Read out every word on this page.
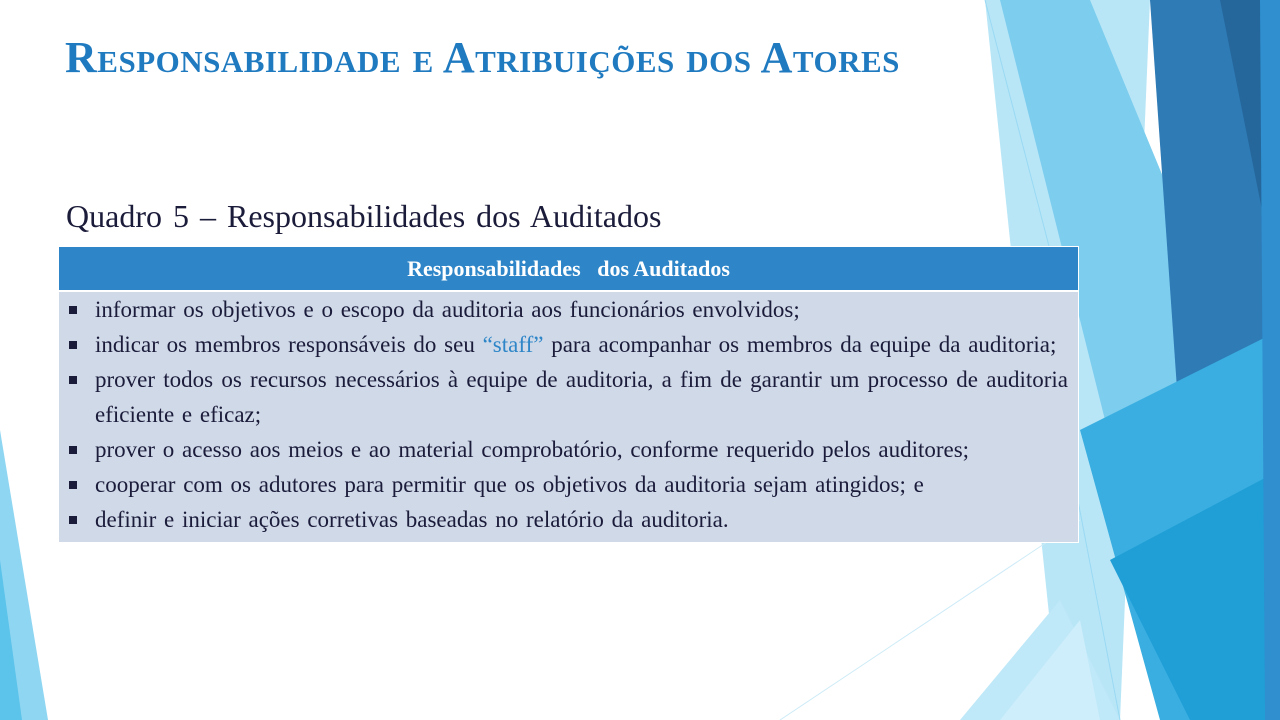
Responsabilidade e Atribuições dos Atores
Quadro 5 – Responsabilidades dos Auditados
Responsabilidades   dos Auditados
informar os objetivos e o escopo da auditoria aos funcionários envolvidos;
indicar os membros responsáveis do seu “staff” para acompanhar os membros da equipe da auditoria;
prover todos os recursos necessários à equipe de auditoria, a fim de garantir um processo de auditoria eficiente e eficaz;
prover o acesso aos meios e ao material comprobatório, conforme requerido pelos auditores;
cooperar com os adutores para permitir que os objetivos da auditoria sejam atingidos; e
definir e iniciar ações corretivas baseadas no relatório da auditoria.
